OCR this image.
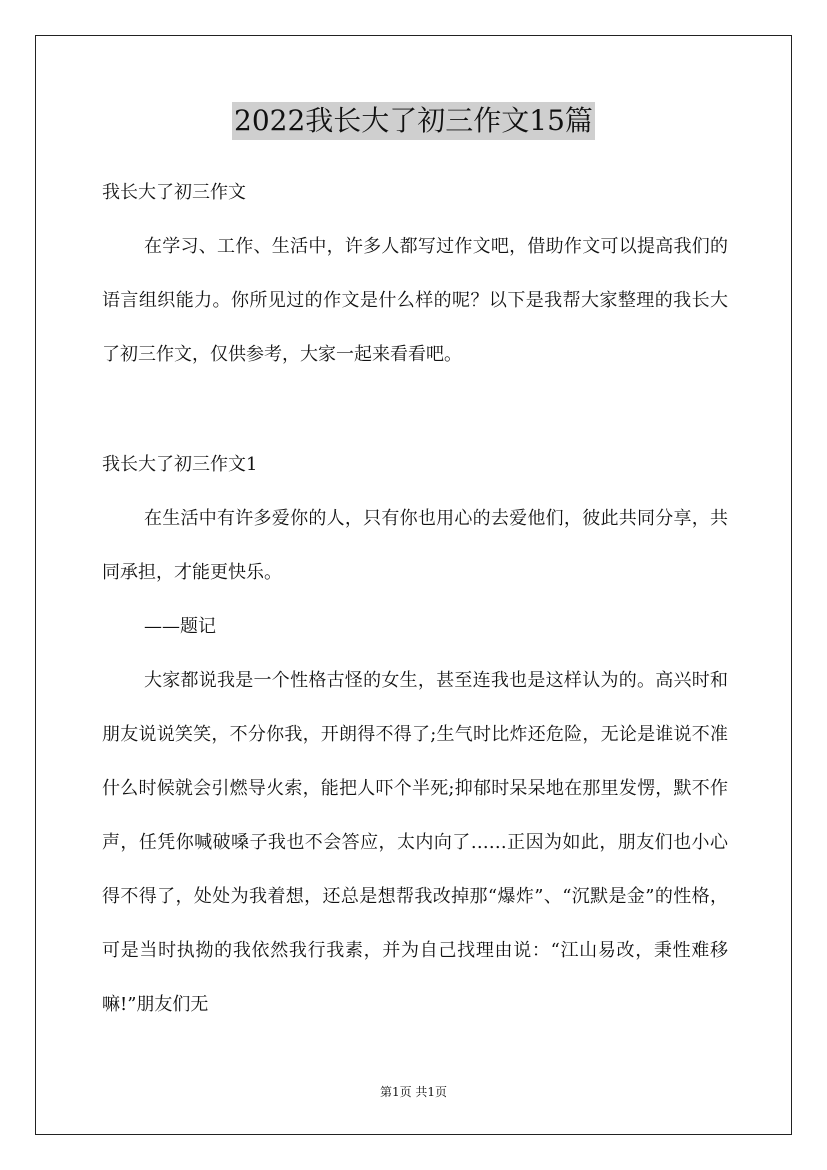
2022我长大了初三作文15篇

我长大了初三作文

在学习、工作、生活中，许多人都写过作文吧，借助作文可以提高我们的语言组织能力。你所见过的作文是什么样的呢？以下是我帮大家整理的我长大了初三作文，仅供参考，大家一起来看看吧。

我长大了初三作文1

在生活中有许多爱你的人，只有你也用心的去爱他们，彼此共同分享，共同承担，才能更快乐。

——题记

大家都说我是一个性格古怪的女生，甚至连我也是这样认为的。高兴时和朋友说说笑笑，不分你我，开朗得不得了;生气时比炸还危险，无论是谁说不准什么时候就会引燃导火索，能把人吓个半死;抑郁时呆呆地在那里发愣，默不作声，任凭你喊破嗓子我也不会答应，太内向了……正因为如此，朋友们也小心得不得了，处处为我着想，还总是想帮我改掉那“爆炸”、“沉默是金”的性格，可是当时执拗的我依然我行我素，并为自己找理由说：“江山易改，秉性难移嘛!”朋友们无

第1页 共1页
